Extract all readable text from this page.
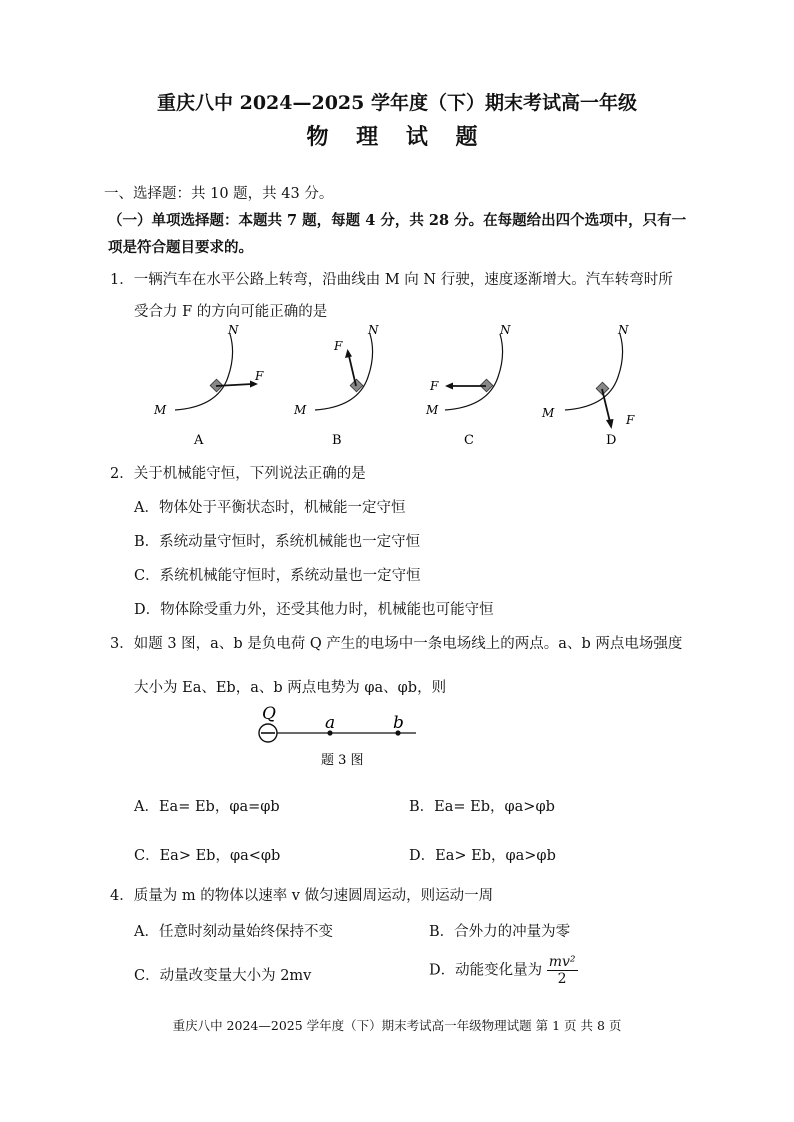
重庆八中 2024—2025 学年度（下）期末考试高一年级
物 理 试 题
一、选择题：共 10 题，共 43 分。
（一）单项选择题：本题共 7 题，每题 4 分，共 28 分。在每题给出四个选项中，只有一
项是符合题目要求的。
1．一辆汽车在水平公路上转弯，沿曲线由 M 向 N 行驶，速度逐渐增大。汽车转弯时所
受合力 F 的方向可能正确的是
N
M
F
A
N
M
F
B
N
M
F
C
N
M	F
D
2．关于机械能守恒，下列说法正确的是
A．物体处于平衡状态时，机械能一定守恒
B．系统动量守恒时，系统机械能也一定守恒
C．系统机械能守恒时，系统动量也一定守恒
D．物体除受重力外，还受其他力时，机械能也可能守恒
3．如题 3 图，a、b 是负电荷 Q 产生的电场中一条电场线上的两点。a、b 两点电场强度
大小为 Ea、Eb，a、b 两点电势为 φa、φb，则
Q	a	b
题 3 图
A．Ea= Eb，φa=φb	B．Ea= Eb，φa>φb
C．Ea> Eb，φa<φb	D．Ea> Eb，φa>φb
4．质量为 m 的物体以速率 v 做匀速圆周运动，则运动一周
A．任意时刻动量始终保持不变	B．合外力的冲量为零
C．动量改变量大小为 2mv	D．动能变化量为 $\frac{\text{mv²}}{2}$
重庆八中 2024—2025 学年度（下）期末考试高一年级物理试题 第 1 页 共 8 页
